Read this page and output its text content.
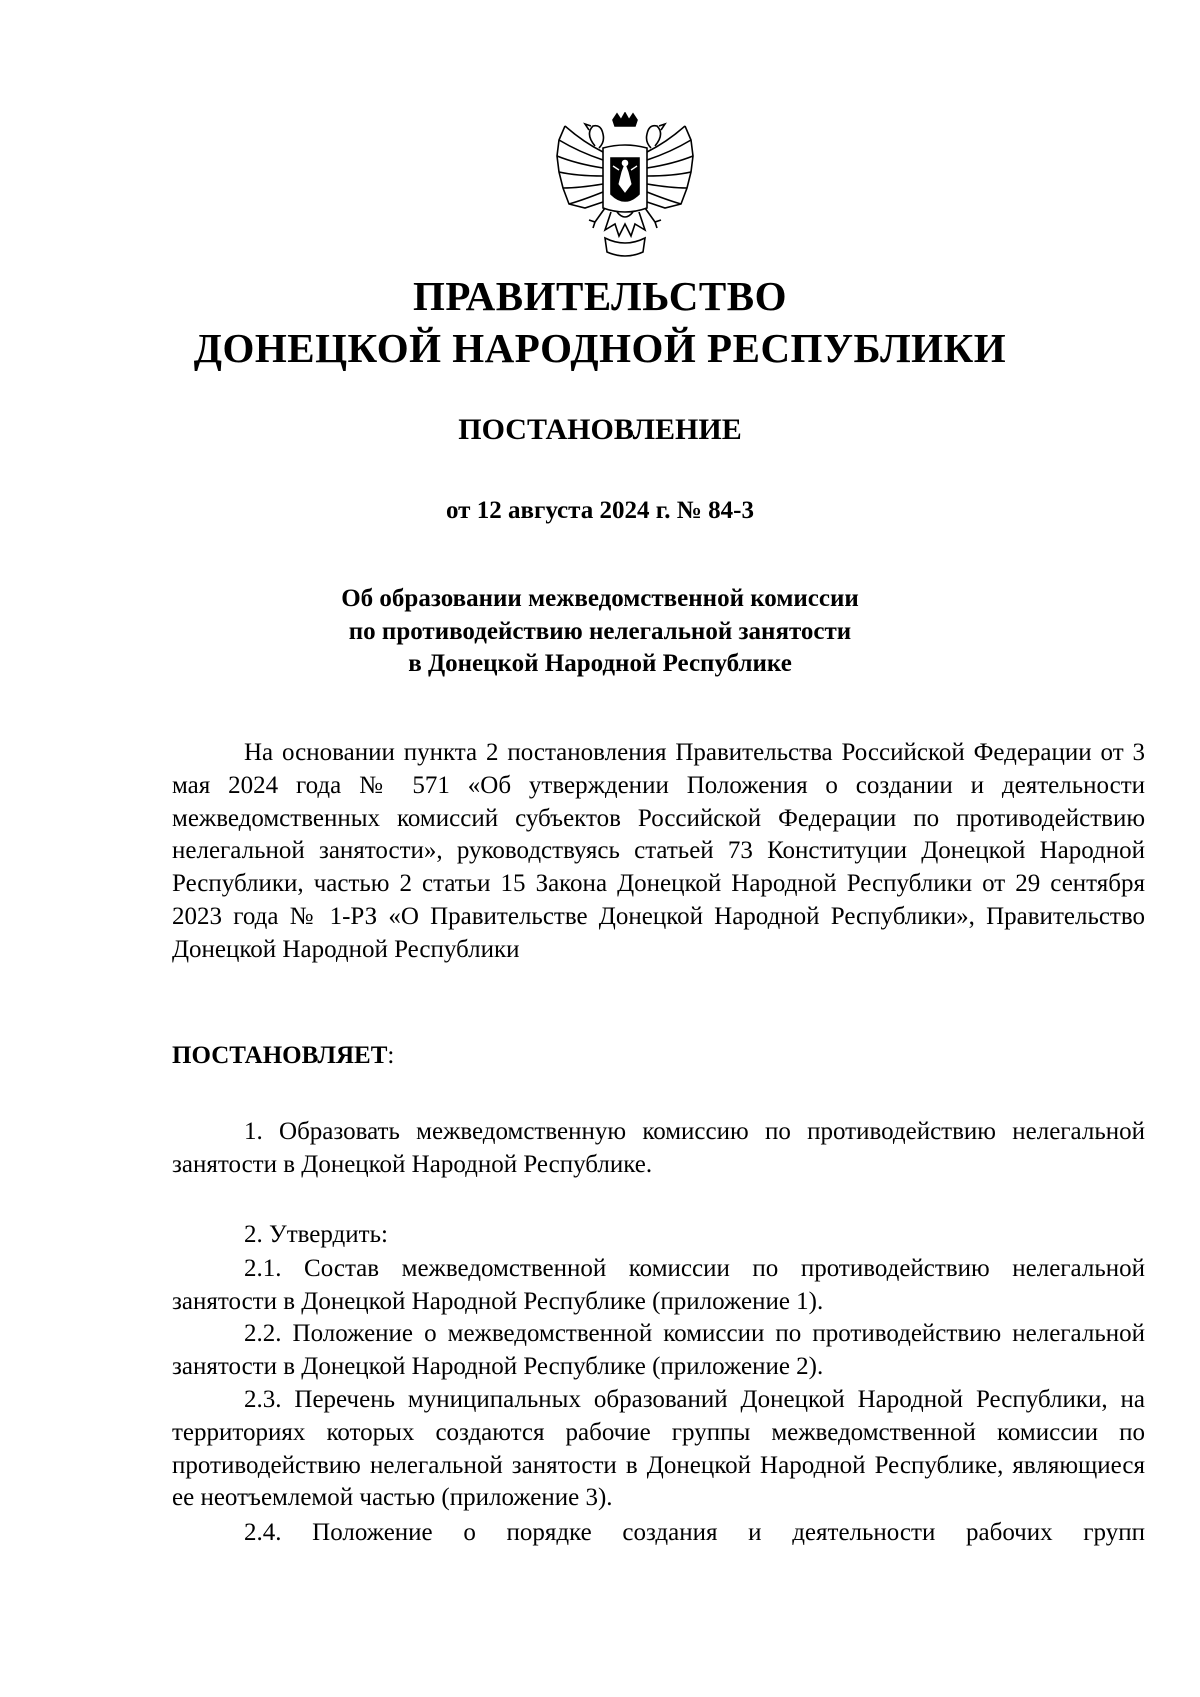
ПРАВИТЕЛЬСТВО
ДОНЕЦКОЙ НАРОДНОЙ РЕСПУБЛИКИ
ПОСТАНОВЛЕНИЕ
от 12 августа 2024 г. № 84-3
Об образовании межведомственной комиссии
по противодействию нелегальной занятости
в Донецкой Народной Республике

На основании пункта 2 постановления Правительства Российской Федерации от 3 мая 2024 года № 571 «Об утверждении Положения о создании и деятельности межведомственных комиссий субъектов Российской Федерации по противодействию нелегальной занятости», руководствуясь статьей 73 Конституции Донецкой Народной Республики, частью 2 статьи 15 Закона Донецкой Народной Республики от 29 сентября 2023 года № 1-РЗ «О Правительстве Донецкой Народной Республики», Правительство Донецкой Народной Республики

ПОСТАНОВЛЯЕТ:

1. Образовать межведомственную комиссию по противодействию нелегальной занятости в Донецкой Народной Республике.

2. Утвердить:

2.1. Состав межведомственной комиссии по противодействию нелегальной занятости в Донецкой Народной Республике (приложение 1).

2.2. Положение о межведомственной комиссии по противодействию нелегальной занятости в Донецкой Народной Республике (приложение 2).

2.3. Перечень муниципальных образований Донецкой Народной Республики, на территориях которых создаются рабочие группы межведомственной комиссии по противодействию нелегальной занятости в Донецкой Народной Республике, являющиеся ее неотъемлемой частью (приложение 3).

2.4. Положение о порядке создания и деятельности рабочих групп
